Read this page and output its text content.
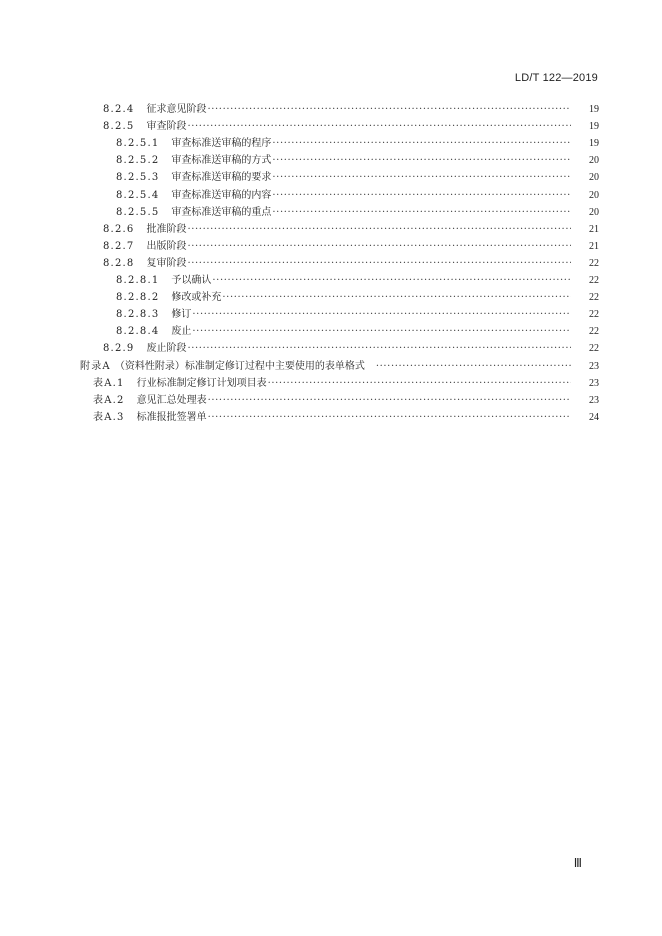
LD/T 122—2019
8.2.4 征求意见阶段 ·····	19
8.2.5 审查阶段 ·····	19
8.2.5.1 审查标准送审稿的程序 ·····	19
8.2.5.2 审查标准送审稿的方式 ·····	20
8.2.5.3 审查标准送审稿的要求 ·····	20
8.2.5.4 审查标准送审稿的内容 ·····	20
8.2.5.5 审查标准送审稿的重点 ·····	20
8.2.6 批准阶段 ·····	21
8.2.7 出版阶段 ·····	21
8.2.8 复审阶段 ·····	22
8.2.8.1 予以确认 ·····	22
8.2.8.2 修改或补充 ·····	22
8.2.8.3 修订 ·····	22
8.2.8.4 废止 ·····	22
8.2.9 废止阶段 ·····	22
附录A （资料性附录）标准制定修订过程中主要使用的表单格式 ·····	23
表A.1 行业标准制定修订计划项目表 ·····	23
表A.2 意见汇总处理表 ·····	23
表A.3 标准报批签署单 ·····	24
Ⅲ
